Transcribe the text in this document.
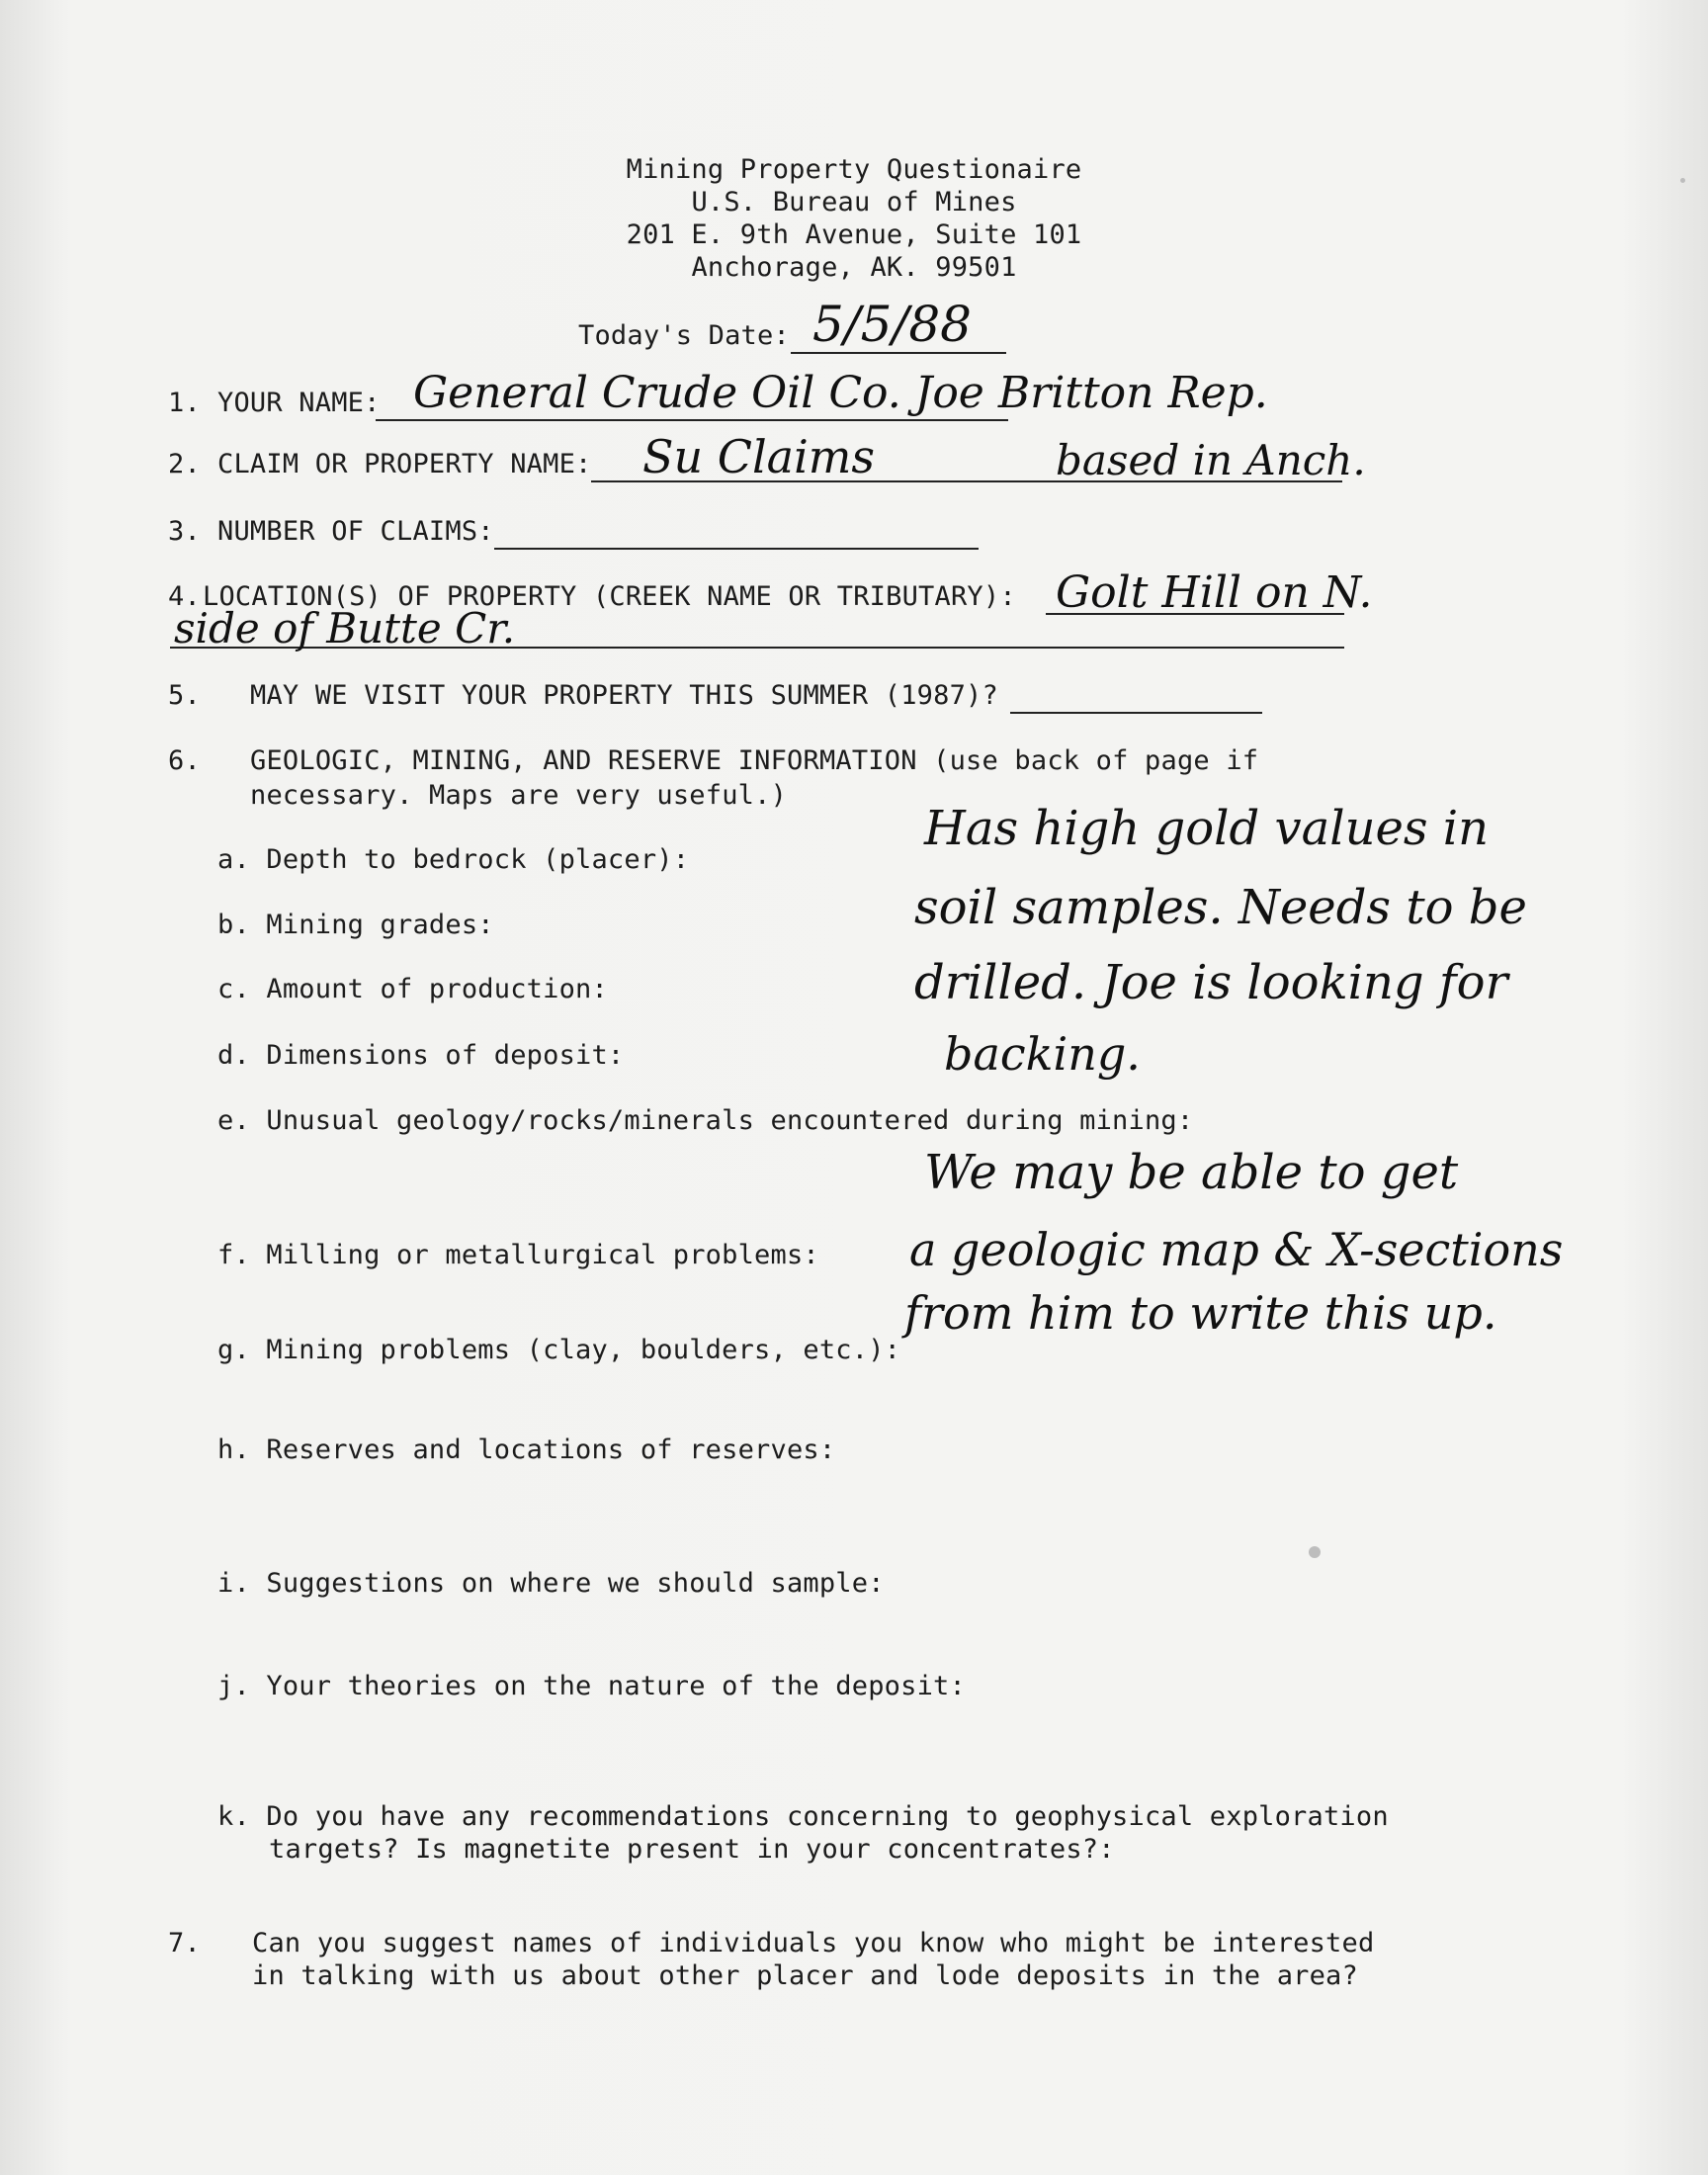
Mining Property Questionaire
U.S. Bureau of Mines
201 E. 9th Avenue, Suite 101
Anchorage, AK. 99501
Today's Date: 5/5/88
1. YOUR NAME: General Crude Oil Co. Joe Britton Rep.
2. CLAIM OR PROPERTY NAME: Su Claims	based in Anch.
3. NUMBER OF CLAIMS:
4. LOCATION(S) OF PROPERTY (CREEK NAME OR TRIBUTARY): Golt Hill on N.
side of Butte Cr.
5. MAY WE VISIT YOUR PROPERTY THIS SUMMER (1987)?
6. GEOLOGIC, MINING, AND RESERVE INFORMATION (use back of page if
necessary. Maps are very useful.)
a. Depth to bedrock (placer):
b. Mining grades:
c. Amount of production:
d. Dimensions of deposit:
e. Unusual geology/rocks/minerals encountered during mining:
f. Milling or metallurgical problems:
g. Mining problems (clay, boulders, etc.):
h. Reserves and locations of reserves:
i. Suggestions on where we should sample:
j. Your theories on the nature of the deposit:
k. Do you have any recommendations concerning to geophysical exploration
targets? Is magnetite present in your concentrates?:
Has high gold values in
soil samples. Needs to be
drilled. Joe is looking for
backing.
We may be able to get
a geologic map & X-sections
from him to write this up.
7. Can you suggest names of individuals you know who might be interested
in talking with us about other placer and lode deposits in the area?
